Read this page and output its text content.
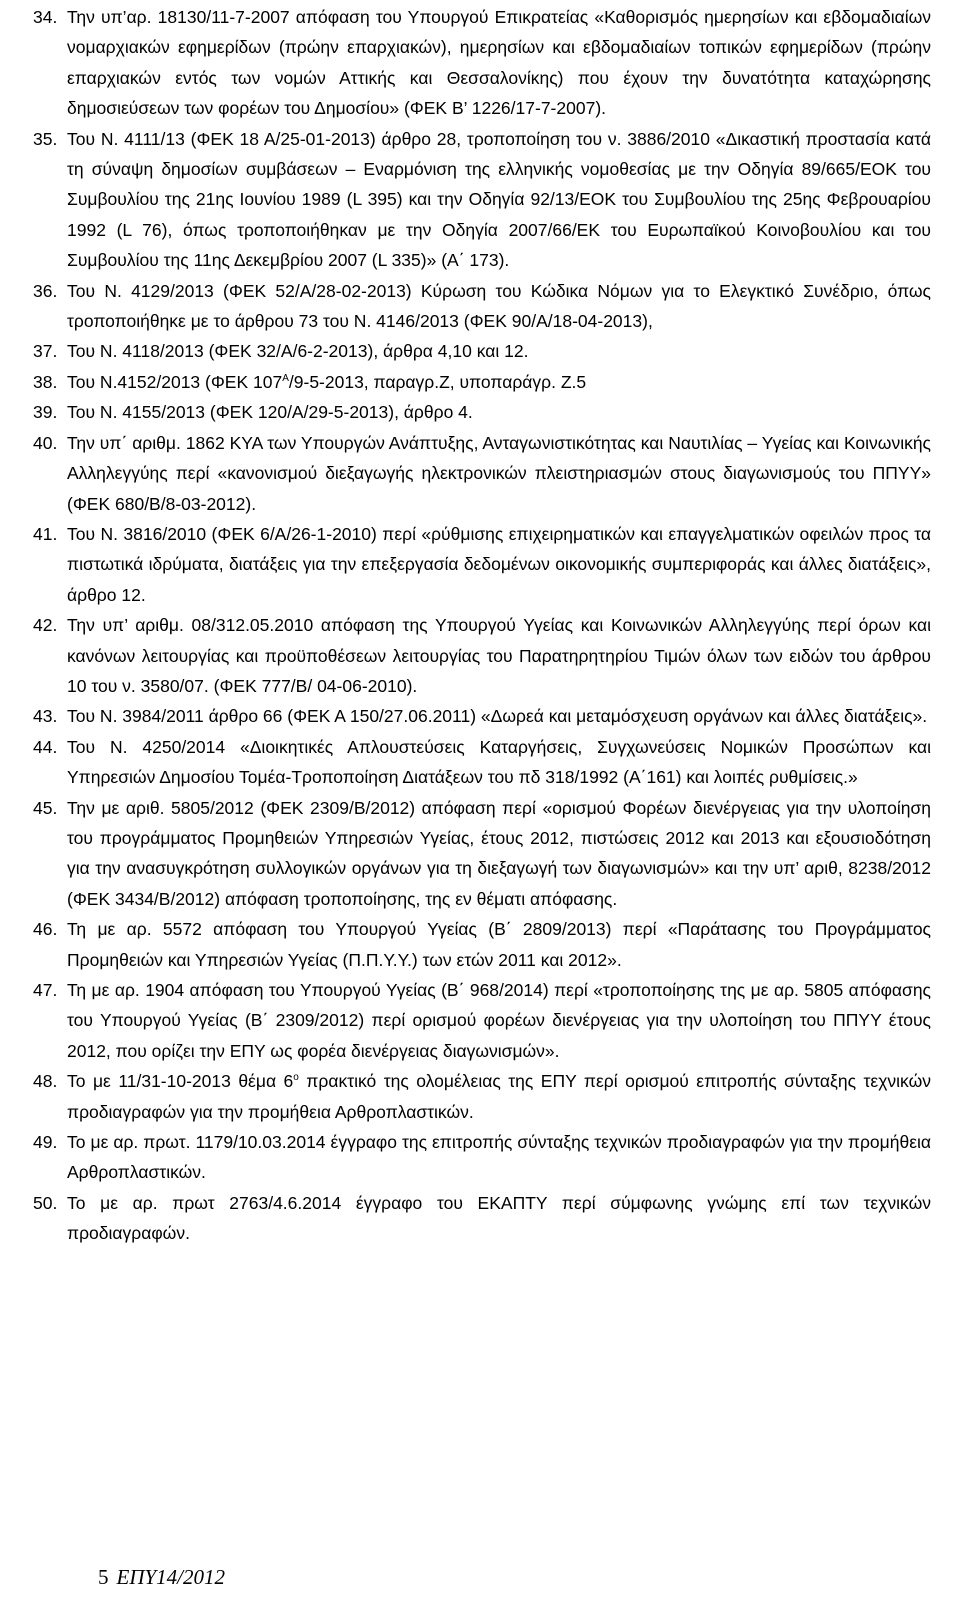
34. Την υπ’αρ. 18130/11-7-2007 απόφαση του Υπουργού Επικρατείας «Καθορισμός ημερησίων και εβδομαδιαίων νομαρχιακών εφημερίδων (πρώην επαρχιακών), ημερησίων και εβδομαδιαίων τοπικών εφημερίδων (πρώην επαρχιακών εντός των νομών Αττικής και Θεσσαλονίκης) που έχουν την δυνατότητα καταχώρησης δημοσιεύσεων των φορέων του Δημοσίου» (ΦΕΚ Β’ 1226/17-7-2007).
35. Του Ν. 4111/13 (ΦΕΚ 18 Α/25-01-2013) άρθρο 28, τροποποίηση του ν. 3886/2010 «Δικαστική προστασία κατά τη σύναψη δημοσίων συμβάσεων – Εναρμόνιση της ελληνικής νομοθεσίας με την Οδηγία 89/665/ΕΟΚ του Συμβουλίου της 21ης Ιουνίου 1989 (L 395) και την Οδηγία 92/13/ΕΟΚ του Συμβουλίου της 25ης Φεβρουαρίου 1992 (L 76), όπως τροποποιήθηκαν με την Οδηγία 2007/66/ΕΚ του Ευρωπαϊκού Κοινοβουλίου και του Συμβουλίου της 11ης Δεκεμβρίου 2007 (L 335)» (Α΄ 173).
36. Του Ν. 4129/2013 (ΦΕΚ 52/Α/28-02-2013) Κύρωση του Κώδικα Νόμων για το Ελεγκτικό Συνέδριο, όπως τροποποιήθηκε με το άρθρου 73 του Ν. 4146/2013 (ΦΕΚ 90/Α/18-04-2013),
37. Του Ν. 4118/2013 (ΦΕΚ 32/Α/6-2-2013), άρθρα 4,10 και 12.
38. Του Ν.4152/2013 (ΦΕΚ $107^A/9-5-2013$, παραγρ.Ζ, υποπαράγρ. Ζ.5
39. Του Ν. 4155/2013 (ΦΕΚ 120/Α/29-5-2013), άρθρο 4.
40. Την υπ΄ αριθμ. 1862 ΚΥΑ των Υπουργών Ανάπτυξης, Ανταγωνιστικότητας και Ναυτιλίας – Υγείας και Κοινωνικής Αλληλεγγύης περί «κανονισμού διεξαγωγής ηλεκτρονικών πλειστηριασμών στους διαγωνισμούς του ΠΠΥΥ» (ΦΕΚ 680/Β/8-03-2012).
41. Του Ν. 3816/2010 (ΦΕΚ 6/Α/26-1-2010) περί «ρύθμισης επιχειρηματικών και επαγγελματικών οφειλών προς τα πιστωτικά ιδρύματα, διατάξεις για την επεξεργασία δεδομένων οικονομικής συμπεριφοράς και άλλες διατάξεις», άρθρο 12.
42. Την υπ’ αριθμ. 08/312.05.2010 απόφαση της Υπουργού Υγείας και Κοινωνικών Αλληλεγγύης περί όρων και κανόνων λειτουργίας και προϋποθέσεων λειτουργίας του Παρατηρητηρίου Τιμών όλων των ειδών του άρθρου 10 του ν. 3580/07. (ΦΕΚ 777/Β/ 04-06-2010).
43. Του Ν. 3984/2011 άρθρο 66 (ΦΕΚ Α 150/27.06.2011) «Δωρεά και μεταμόσχευση οργάνων και άλλες διατάξεις».
44. Του Ν. 4250/2014 «Διοικητικές Απλουστεύσεις Καταργήσεις, Συγχωνεύσεις Νομικών Προσώπων και Υπηρεσιών Δημοσίου Τομέα-Τροποποίηση Διατάξεων του πδ 318/1992 (Α΄161) και λοιπές ρυθμίσεις.»
45. Την με αριθ. 5805/2012 (ΦΕΚ 2309/Β/2012) απόφαση περί «ορισμού Φορέων διενέργειας για την υλοποίηση του προγράμματος Προμηθειών Υπηρεσιών Υγείας, έτους 2012, πιστώσεις 2012 και 2013 και εξουσιοδότηση για την ανασυγκρότηση συλλογικών οργάνων για τη διεξαγωγή των διαγωνισμών» και την υπ’ αριθ, 8238/2012 (ΦΕΚ 3434/Β/2012) απόφαση τροποποίησης, της εν θέματι απόφασης.
46. Τη με αρ. 5572 απόφαση του Υπουργού Υγείας (Β΄ 2809/2013) περί «Παράτασης του Προγράμματος Προμηθειών και Υπηρεσιών Υγείας (Π.Π.Υ.Υ.) των ετών 2011 και 2012».
47. Τη με αρ. 1904 απόφαση του Υπουργού Υγείας (Β΄ 968/2014) περί «τροποποίησης της με αρ. 5805 απόφασης του Υπουργού Υγείας (Β΄ 2309/2012) περί ορισμού φορέων διενέργειας για την υλοποίηση του ΠΠΥΥ έτους 2012, που ορίζει την ΕΠΥ ως φορέα διενέργειας διαγωνισμών».
48. Το με 11/31-10-2013 θέμα $6^o$ πρακτικό της ολομέλειας της ΕΠΥ περί ορισμού επιτροπής σύνταξης τεχνικών προδιαγραφών για την προμήθεια Αρθροπλαστικών.
49. Το με αρ. πρωτ. 1179/10.03.2014 έγγραφο της επιτροπής σύνταξης τεχνικών προδιαγραφών για την προμήθεια Αρθροπλαστικών.
50. Το με αρ. πρωτ 2763/4.6.2014 έγγραφο του ΕΚΑΠΤΥ περί σύμφωνης γνώμης επί των τεχνικών προδιαγραφών.
5 ΕΠΥ14/2012
